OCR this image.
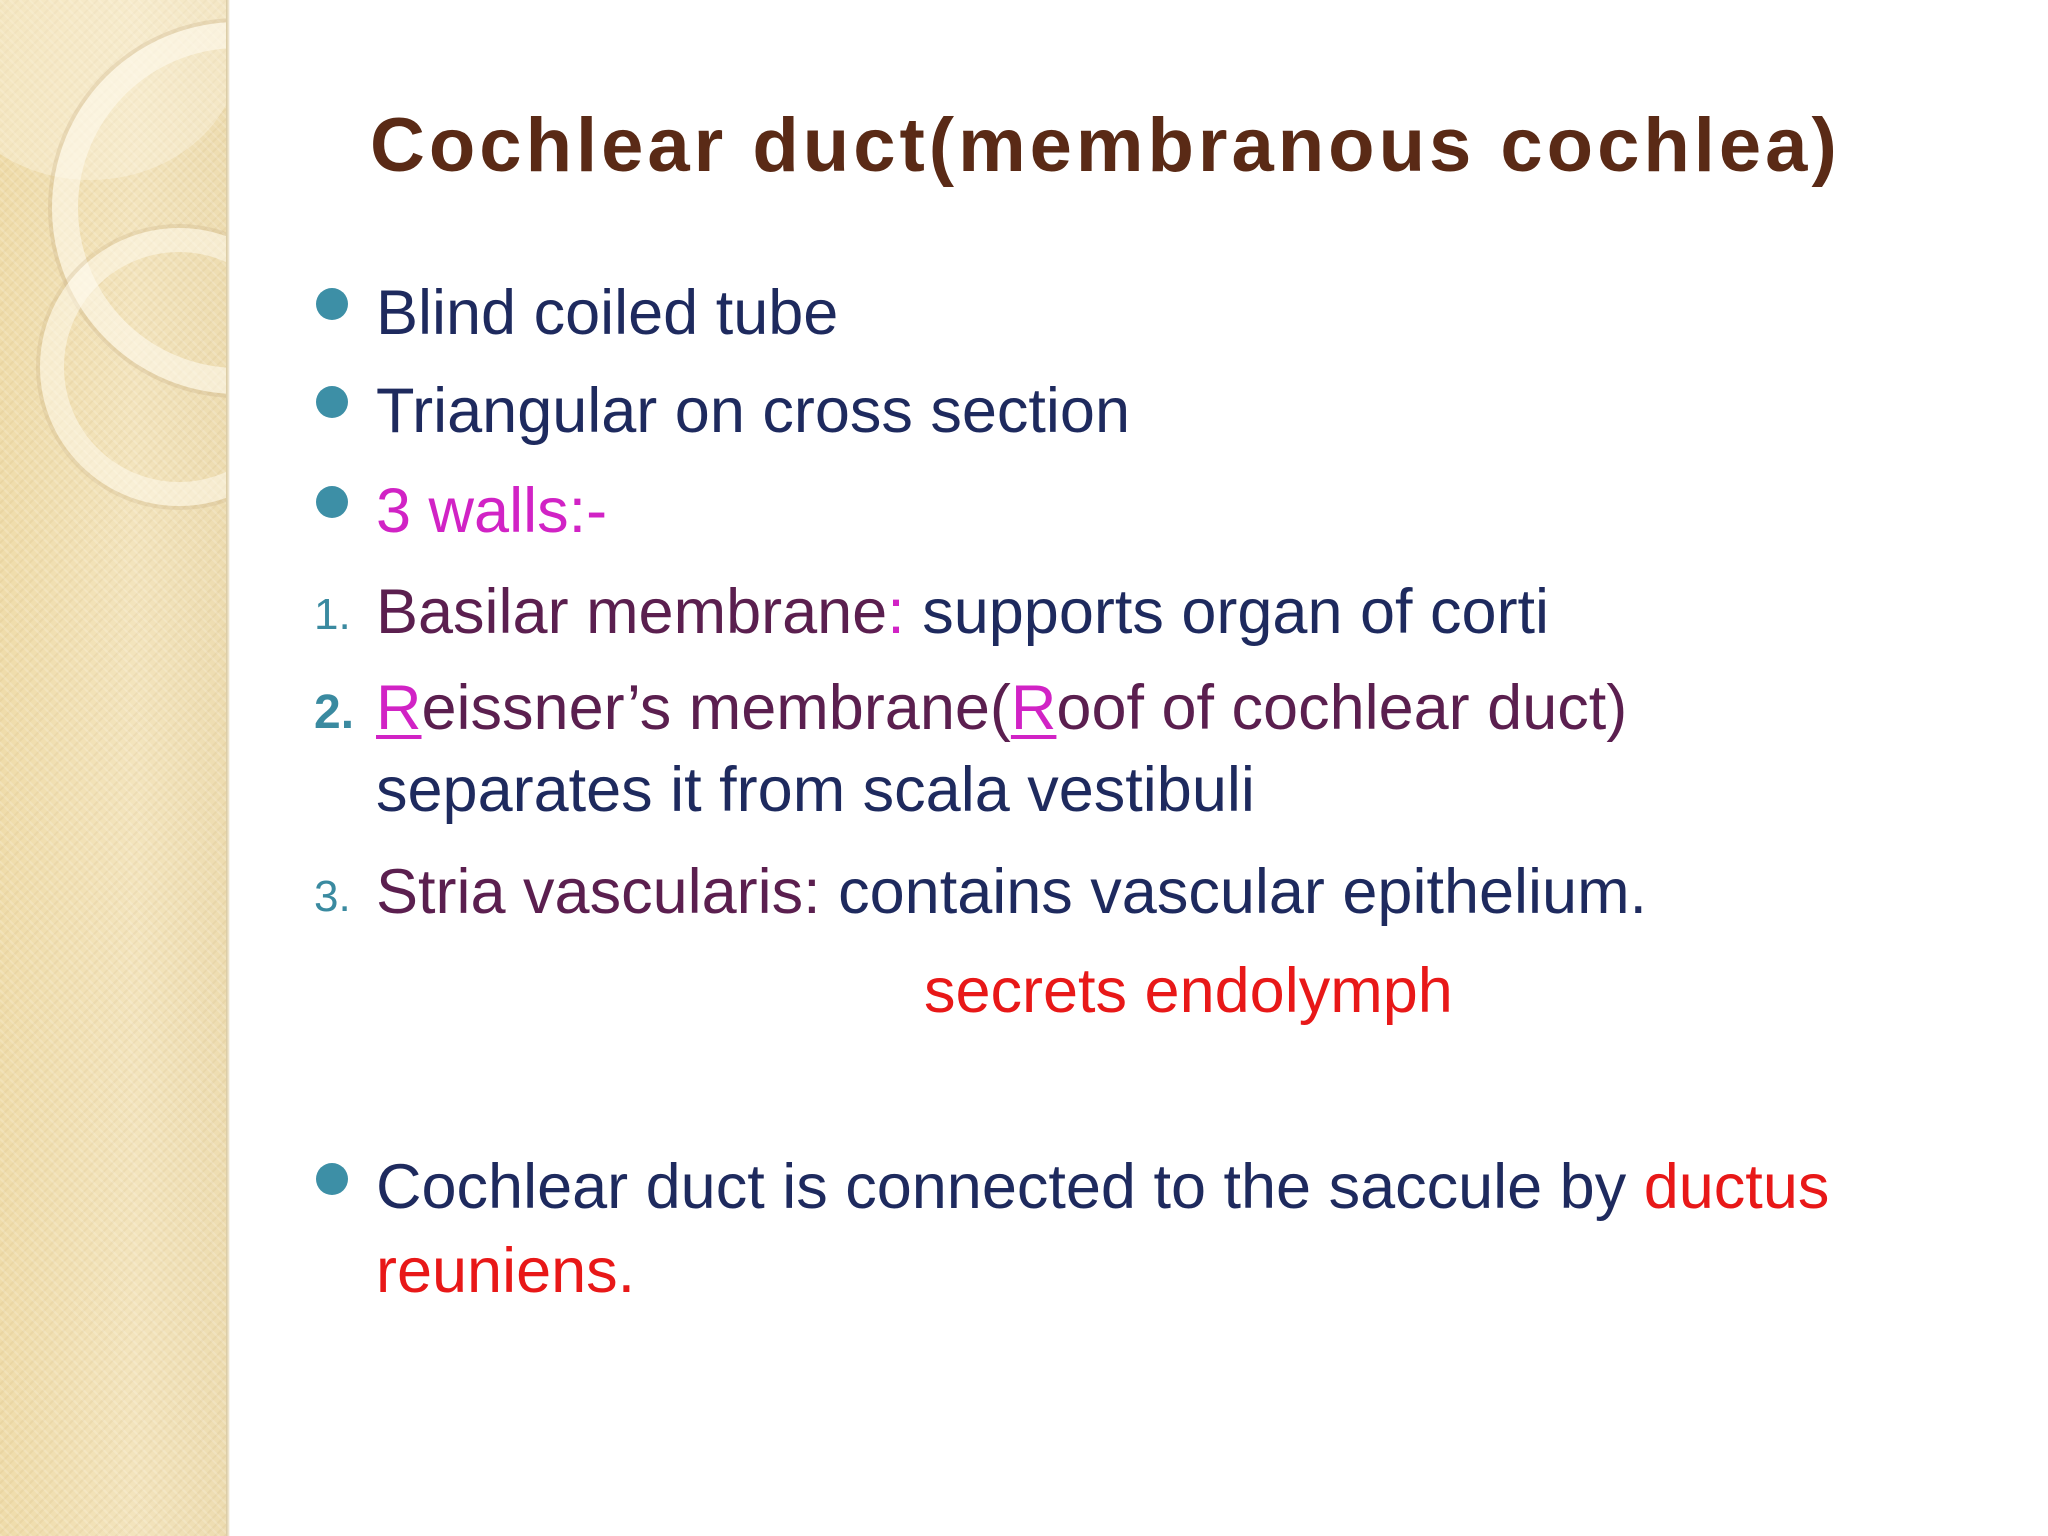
Cochlear duct(membranous cochlea)
Blind coiled tube
Triangular on cross section
3 walls:-
1. Basilar membrane: supports organ of corti
2. Reissner’s membrane(Roof of cochlear duct)
separates it from scala vestibuli
3. Stria vascularis: contains vascular epithelium.
secrets endolymph
Cochlear duct is connected to the saccule by ductus
reuniens.
